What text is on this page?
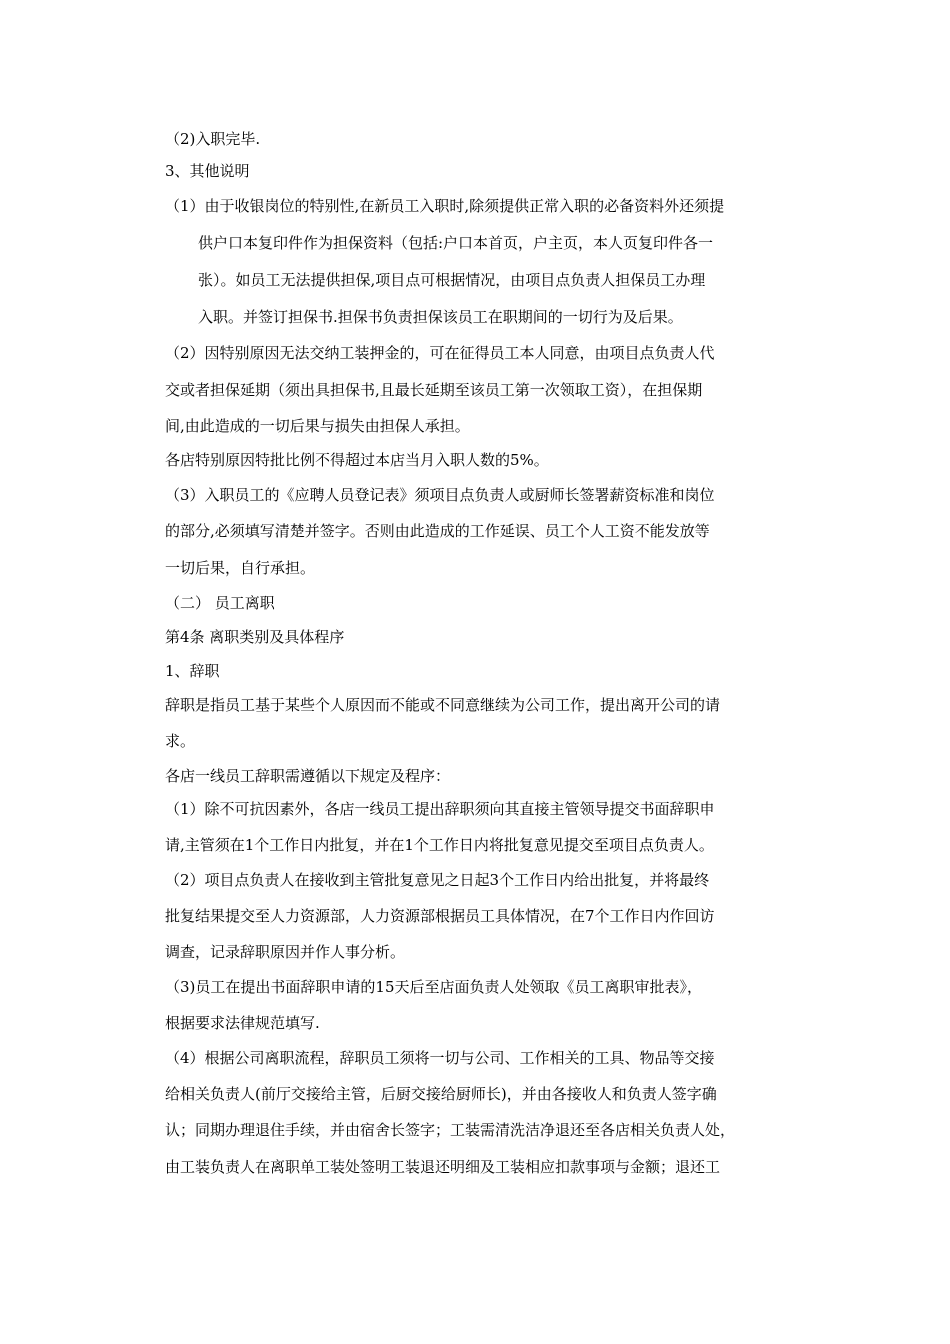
（2)入职完毕.
3、其他说明
（1）由于收银岗位的特别性,在新员工入职时,除须提供正常入职的必备资料外还须提
供户口本复印件作为担保资料（包括:户口本首页，户主页，本人页复印件各一
张）。如员工无法提供担保,项目点可根据情况，由项目点负责人担保员工办理
入职。并签订担保书.担保书负责担保该员工在职期间的一切行为及后果。
（2）因特别原因无法交纳工装押金的，可在征得员工本人同意，由项目点负责人代
交或者担保延期（须出具担保书,且最长延期至该员工第一次领取工资），在担保期
间,由此造成的一切后果与损失由担保人承担。
各店特别原因特批比例不得超过本店当月入职人数的5%。
（3）入职员工的《应聘人员登记表》须项目点负责人或厨师长签署薪资标准和岗位
的部分,必须填写清楚并签字。否则由此造成的工作延误、员工个人工资不能发放等
一切后果，自行承担。
（二） 员工离职
第4条 离职类别及具体程序
1、辞职
辞职是指员工基于某些个人原因而不能或不同意继续为公司工作，提出离开公司的请
求。
各店一线员工辞职需遵循以下规定及程序：
（1）除不可抗因素外，各店一线员工提出辞职须向其直接主管领导提交书面辞职申
请,主管须在1个工作日内批复，并在1个工作日内将批复意见提交至项目点负责人。
（2）项目点负责人在接收到主管批复意见之日起3个工作日内给出批复，并将最终
批复结果提交至人力资源部，人力资源部根据员工具体情况，在7个工作日内作回访
调查，记录辞职原因并作人事分析。
（3)员工在提出书面辞职申请的15天后至店面负责人处领取《员工离职审批表》，
根据要求法律规范填写.
（4）根据公司离职流程，辞职员工须将一切与公司、工作相关的工具、物品等交接
给相关负责人(前厅交接给主管，后厨交接给厨师长)，并由各接收人和负责人签字确
认；同期办理退住手续，并由宿舍长签字；工装需清洗洁净退还至各店相关负责人处，
由工装负责人在离职单工装处签明工装退还明细及工装相应扣款事项与金额；退还工
